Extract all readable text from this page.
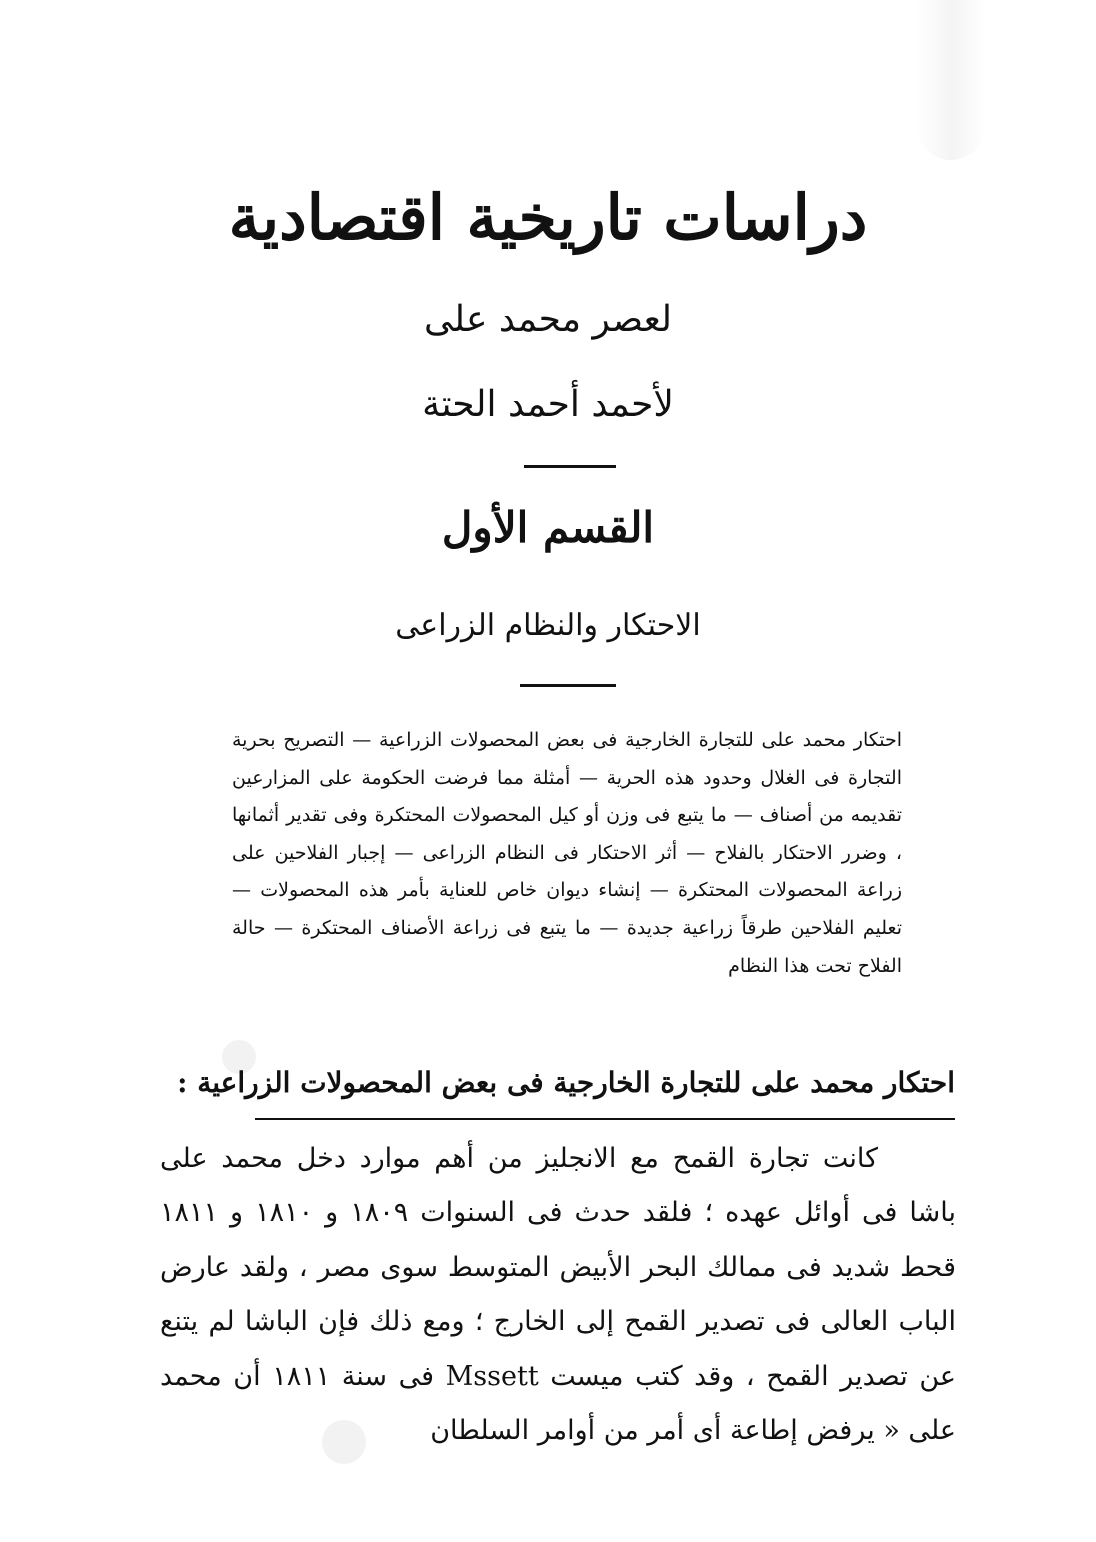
دراسات تاريخية اقتصادية
لعصر محمد على
لأحمد أحمد الحتة
القسم الأول
الاحتكار والنظام الزراعى
احتكار محمد على للتجارة الخارجية فى بعض المحصولات الزراعية — التصريح بحرية التجارة فى الغلال وحدود هذه الحرية — أمثلة مما فرضت الحكومة على المزارعين تقديمه من أصناف — ما يتبع فى وزن أو كيل المحصولات المحتكرة وفى تقدير أثمانها ، وضرر الاحتكار بالفلاح — أثر الاحتكار فى النظام الزراعى — إجبار الفلاحين على زراعة المحصولات المحتكرة — إنشاء ديوان خاص للعناية بأمر هذه المحصولات — تعليم الفلاحين طرقاً زراعية جديدة — ما يتبع فى زراعة الأصناف المحتكرة — حالة الفلاح تحت هذا النظام
احتكار محمد على للتجارة الخارجية فى بعض المحصولات الزراعية :
كانت تجارة القمح مع الانجليز من أهم موارد دخل محمد على باشا فى أوائل عهده ؛ فلقد حدث فى السنوات ١٨٠٩ و ١٨١٠ و ١٨١١ قحط شديد فى ممالك البحر الأبيض المتوسط سوى مصر ، ولقد عارض الباب العالى فى تصدير القمح إلى الخارج ؛ ومع ذلك فإن الباشا لم يتنع عن تصدير القمح ، وقد كتب ميست Mssett فى سنة ١٨١١ أن محمد على « يرفض إطاعة أى أمر من أوامر السلطان
